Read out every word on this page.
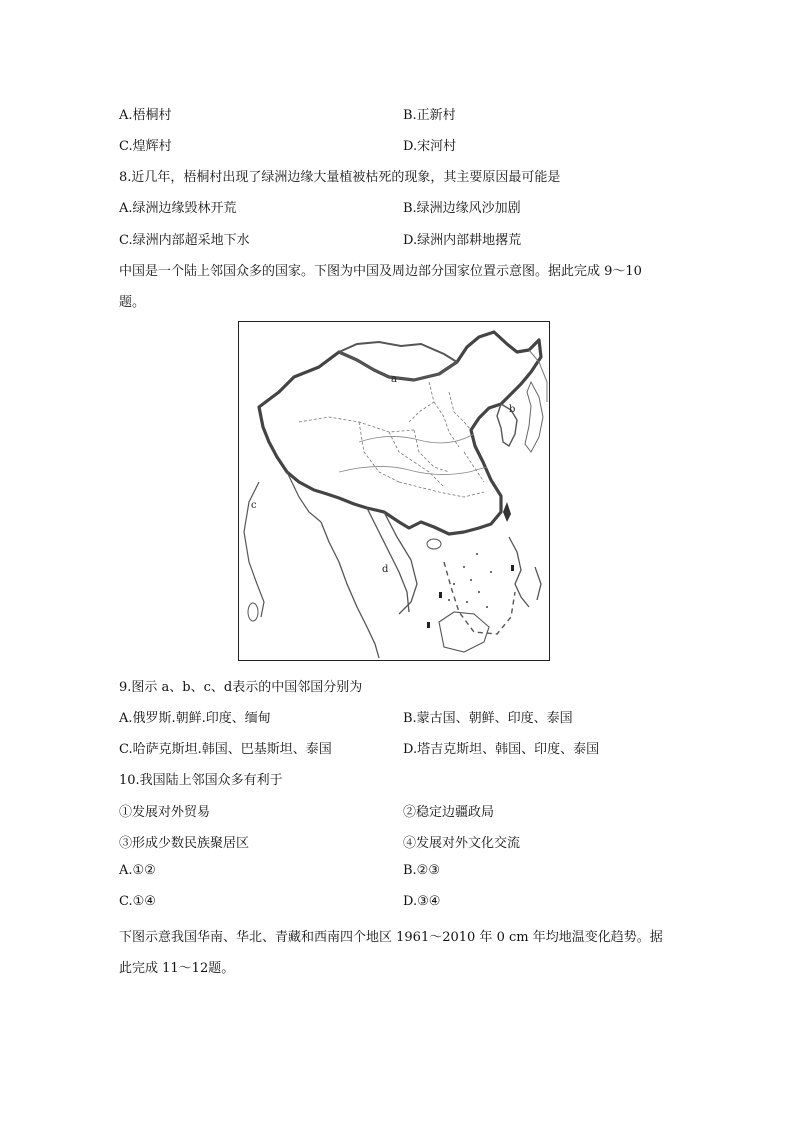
A.梧桐村	B.正新村
C.煌辉村	D.宋河村
8.近几年，梧桐村出现了绿洲边缘大量植被枯死的现象，其主要原因最可能是
A.绿洲边缘毁林开荒	B.绿洲边缘风沙加剧
C.绿洲内部超采地下水	D.绿洲内部耕地撂荒
中国是一个陆上邻国众多的国家。下图为中国及周边部分国家位置示意图。据此完成 9～10
题。
a
b
c
d
9.图示 a、b、c、d表示的中国邻国分别为
A.俄罗斯.朝鲜.印度、缅甸	B.蒙古国、朝鲜、印度、泰国
C.哈萨克斯坦.韩国、巴基斯坦、泰国	D.塔吉克斯坦、韩国、印度、泰国
10.我国陆上邻国众多有利于
①发展对外贸易	②稳定边疆政局
③形成少数民族聚居区	④发展对外文化交流
A.①②	B.②③
C.①④	D.③④
下图示意我国华南、华北、青藏和西南四个地区 1961～2010 年 0 cm 年均地温变化趋势。据
此完成 11～12题。
